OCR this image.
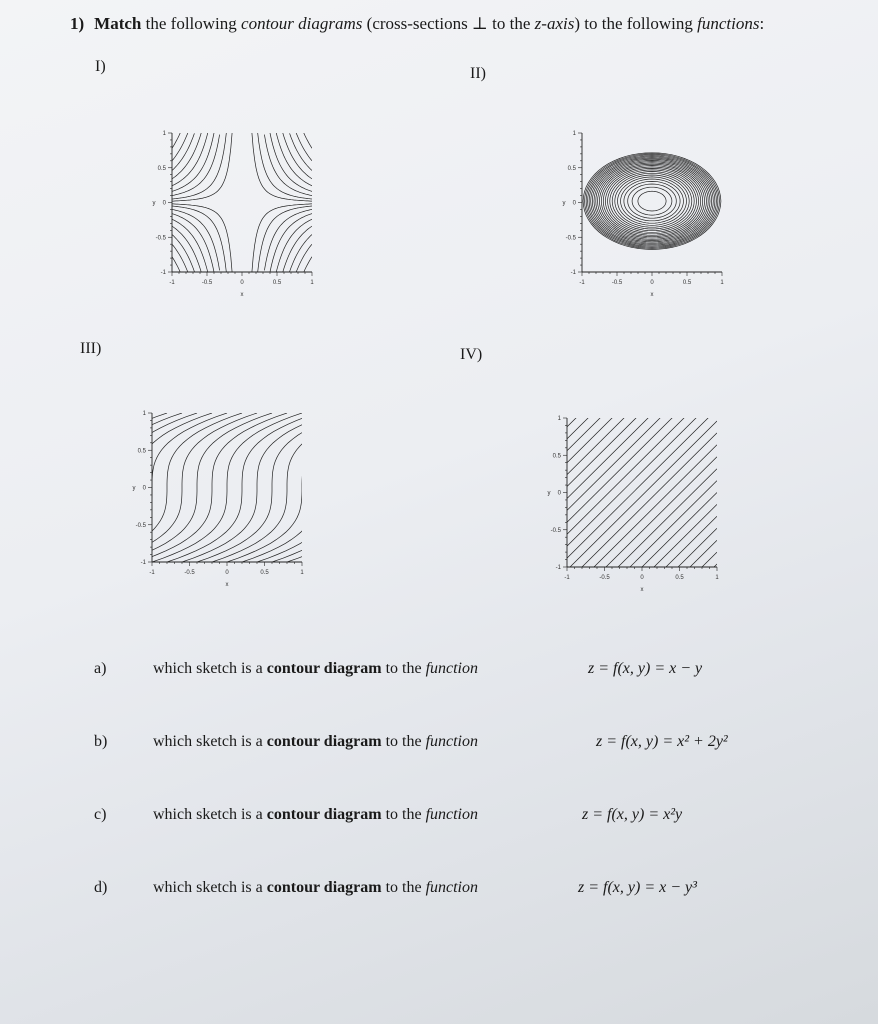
1) Match the following contour diagrams (cross-sections ⊥ to the z-axis) to the following functions:
I)	II)
III)	IV)
-1	-0.5	0	0.5	1
-1
-0.5
0
0.5
1
y
x
-1	-0.5	0	0.5	1
-1
-0.5
0
0.5
1
y
x
-1	-0.5	0	0.5	1
-1
-0.5
0
0.5
1
y
x
-1	-0.5	0	0.5	1
-1
-0.5
0
0.5
1
y
x
a)	which sketch is a contour diagram to the function	z = f(x, y) = x − y
b)	which sketch is a contour diagram to the function	z = f(x, y) = x² + 2y²
c)	which sketch is a contour diagram to the function	z = f(x, y) = x²y
d)	which sketch is a contour diagram to the function	z = f(x, y) = x − y³
